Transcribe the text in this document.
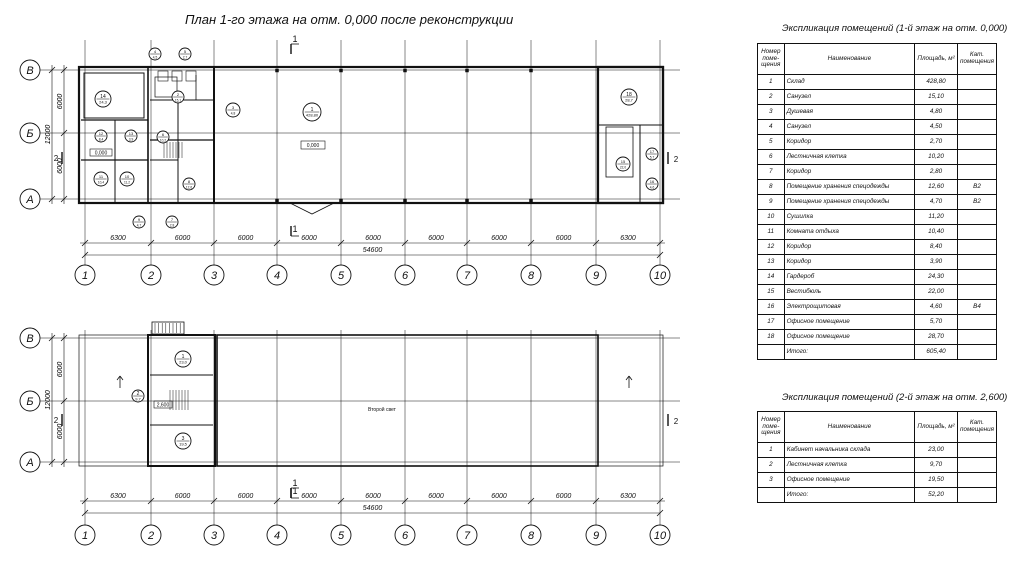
План 1-го этажа на отм. 0,000 после реконструкции
Экспликация помещений (1-й этаж на отм. 0,000)
Экспликация помещений (2-й этаж на отм. 2,600)
1	2	3	4	5	6	7	8	9	10
В
Б
А
6300	6000	6000	6000	6000	6000	6000	6000	6300
54600
6000
6000
12000
1
1
2	2
1
428,80
2
15,1
3
4,8
4
4,5
5
2,7
6
10,2
7
2,8
8
12,6
9
4,7
10
11,2
11
10,4
12
8,4
13
3,9
14
24,3
15
22,0
16
4,6
17
5,7
18
28,7
0,000
0,000
1	2	3	4	5	6	7	8	9	10
В
Б
А
6300	6000	6000	6000	6000	6000	6000	6000	6300
54600
6000
6000
12000
1
1
2	2
1
23,0
2
9,7
3
19,5
2,600
Второй свет
Номер поме-щения	Наименование	Площадь, м²	Кат. помещения
1	Склад	428,80	
2	Санузел	15,10	
3	Душевая	4,80	
4	Санузел	4,50	
5	Коридор	2,70	
6	Лестничная клетка	10,20	
7	Коридор	2,80	
8	Помещение хранения спецодежды	12,60	В2
9	Помещение хранения спецодежды	4,70	В2
10	Сушилка	11,20	
11	Комната отдыха	10,40	
12	Коридор	8,40	
13	Коридор	3,90	
14	Гардероб	24,30	
15	Вестибюль	22,00	
16	Электрощитовая	4,60	В4
17	Офисное помещение	5,70	
18	Офисное помещение	28,70	
	Итого:	605,40	
Номер поме-щения	Наименование	Площадь, м²	Кат. помещения
1	Кабинет начальника склада	23,00	
2	Лестничная клетка	9,70	
3	Офисное помещение	19,50	
	Итого:	52,20	
